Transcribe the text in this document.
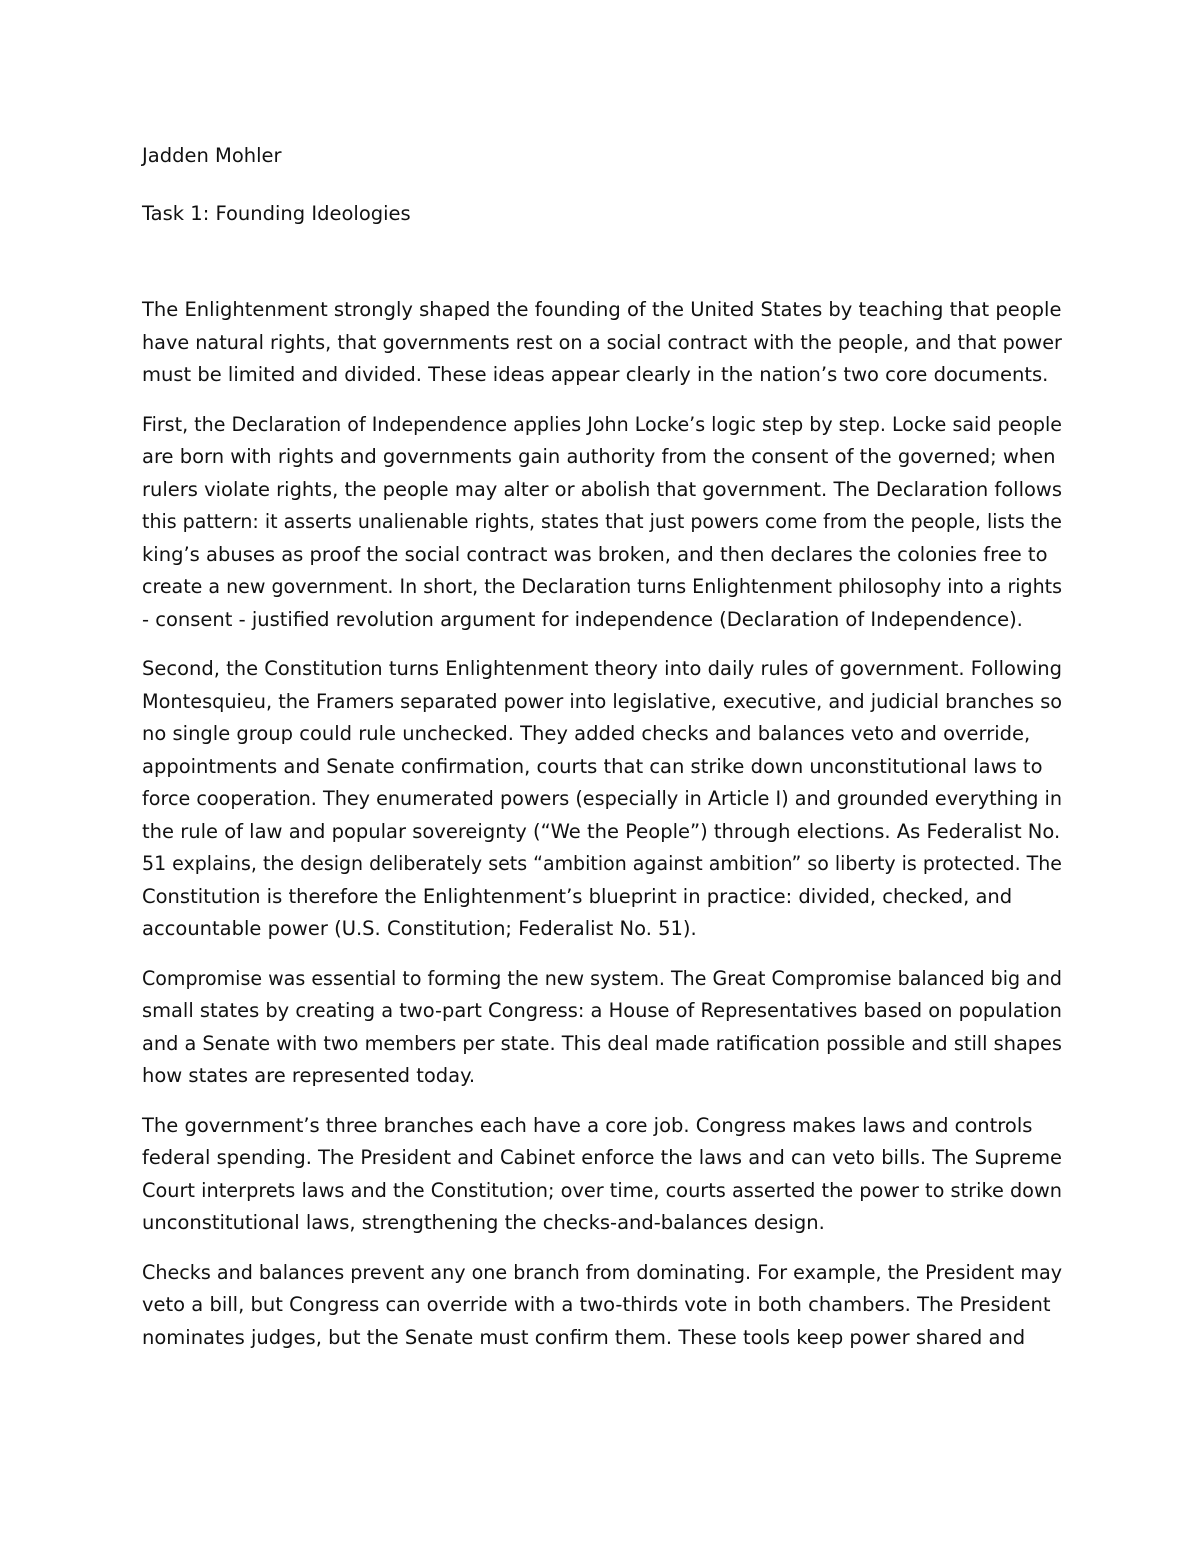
Jadden Mohler
Task 1: Founding Ideologies
The Enlightenment strongly shaped the founding of the United States by teaching that people
have natural rights, that governments rest on a social contract with the people, and that power
must be limited and divided. These ideas appear clearly in the nation’s two core documents.
First, the Declaration of Independence applies John Locke’s logic step by step. Locke said people
are born with rights and governments gain authority from the consent of the governed; when
rulers violate rights, the people may alter or abolish that government. The Declaration follows
this pattern: it asserts unalienable rights, states that just powers come from the people, lists the
king’s abuses as proof the social contract was broken, and then declares the colonies free to
create a new government. In short, the Declaration turns Enlightenment philosophy into a rights
- consent - justified revolution argument for independence (Declaration of Independence).
Second, the Constitution turns Enlightenment theory into daily rules of government. Following
Montesquieu, the Framers separated power into legislative, executive, and judicial branches so
no single group could rule unchecked. They added checks and balances veto and override,
appointments and Senate confirmation, courts that can strike down unconstitutional laws to
force cooperation. They enumerated powers (especially in Article I) and grounded everything in
the rule of law and popular sovereignty (“We the People”) through elections. As Federalist No.
51 explains, the design deliberately sets “ambition against ambition” so liberty is protected. The
Constitution is therefore the Enlightenment’s blueprint in practice: divided, checked, and
accountable power (U.S. Constitution; Federalist No. 51).
Compromise was essential to forming the new system. The Great Compromise balanced big and
small states by creating a two-part Congress: a House of Representatives based on population
and a Senate with two members per state. This deal made ratification possible and still shapes
how states are represented today.
The government’s three branches each have a core job. Congress makes laws and controls
federal spending. The President and Cabinet enforce the laws and can veto bills. The Supreme
Court interprets laws and the Constitution; over time, courts asserted the power to strike down
unconstitutional laws, strengthening the checks-and-balances design.
Checks and balances prevent any one branch from dominating. For example, the President may
veto a bill, but Congress can override with a two-thirds vote in both chambers. The President
nominates judges, but the Senate must confirm them. These tools keep power shared and
